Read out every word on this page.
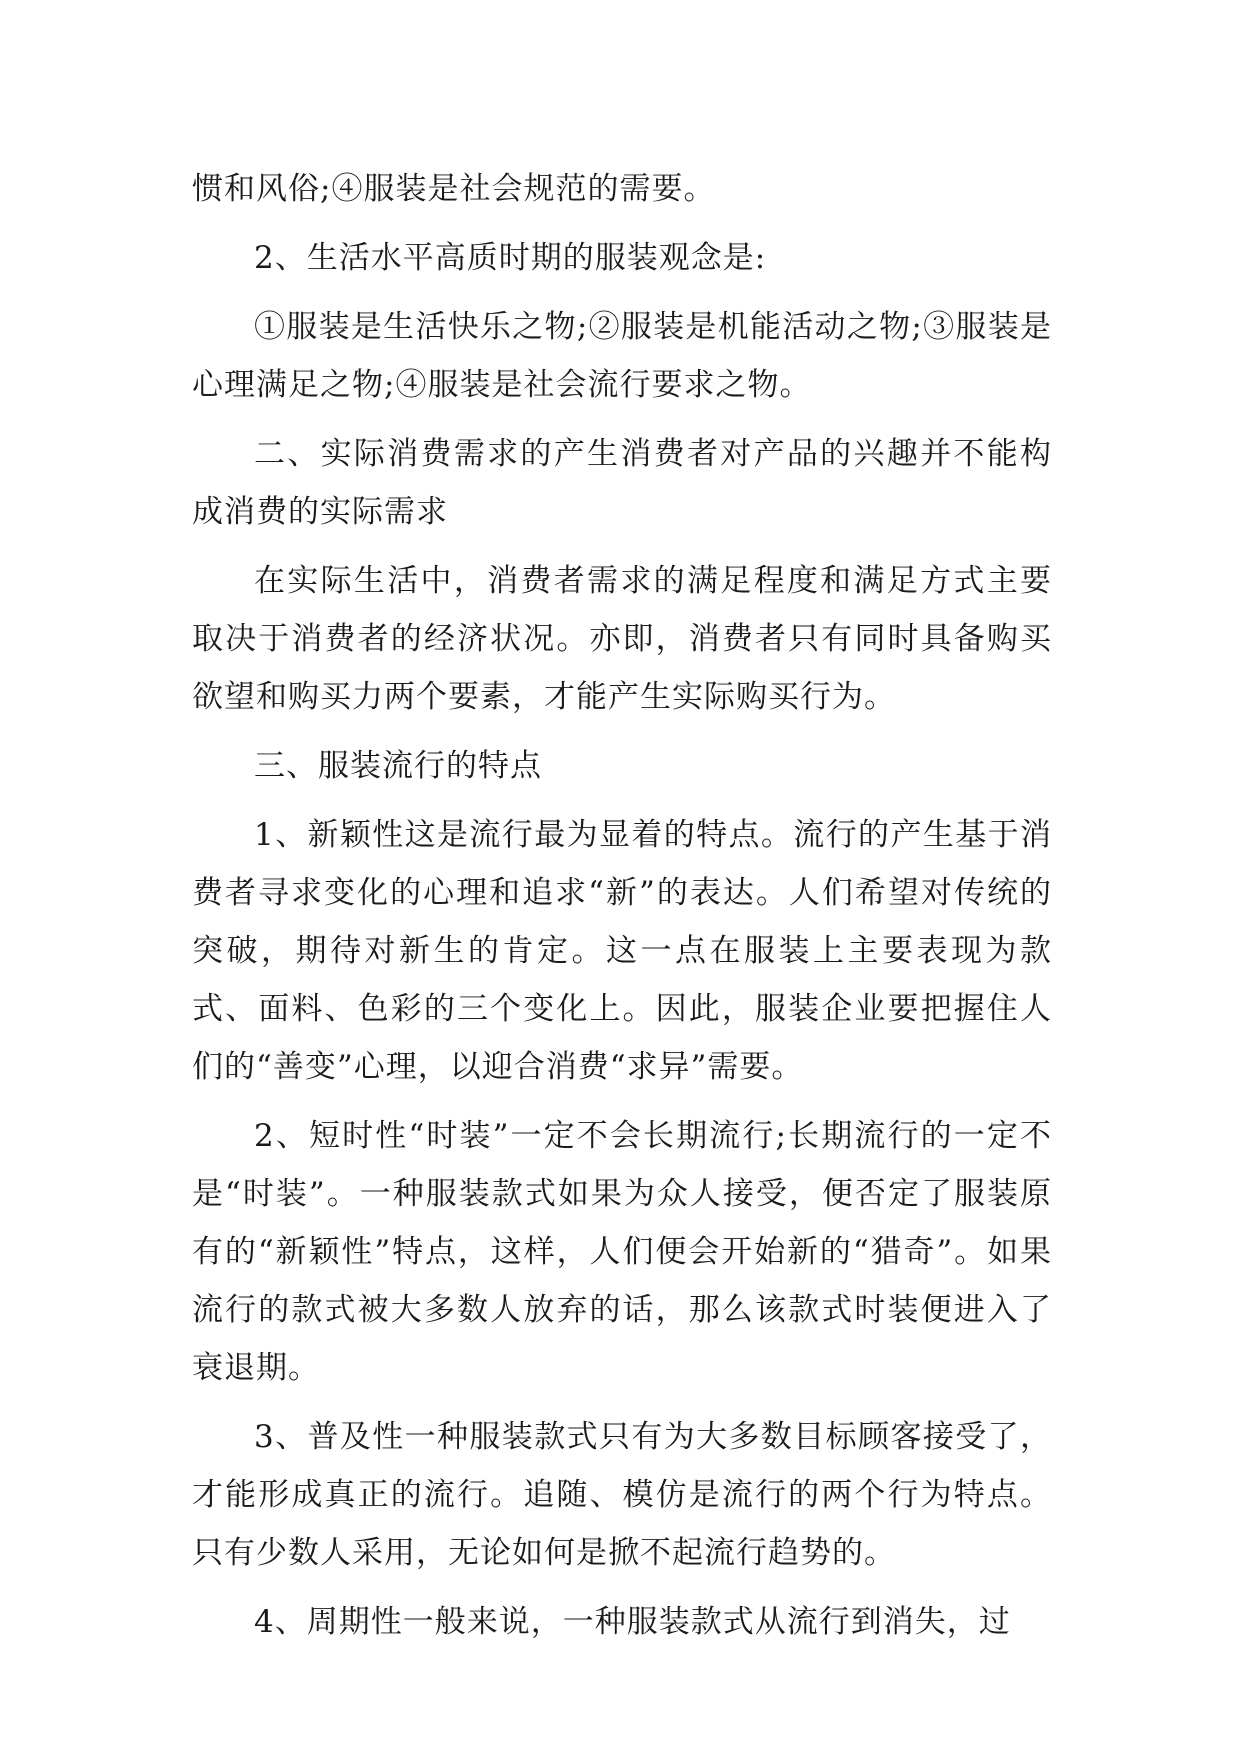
惯和风俗;④服装是社会规范的需要。

2、生活水平高质时期的服装观念是:

①服装是生活快乐之物;②服装是机能活动之物;③服装是心理满足之物;④服装是社会流行要求之物。

二、实际消费需求的产生消费者对产品的兴趣并不能构成消费的实际需求

在实际生活中，消费者需求的满足程度和满足方式主要取决于消费者的经济状况。亦即，消费者只有同时具备购买欲望和购买力两个要素，才能产生实际购买行为。

三、服装流行的特点

1、新颖性这是流行最为显着的特点。流行的产生基于消费者寻求变化的心理和追求“新”的表达。人们希望对传统的突破，期待对新生的肯定。这一点在服装上主要表现为款式、面料、色彩的三个变化上。因此，服装企业要把握住人们的“善变”心理，以迎合消费“求异”需要。

2、短时性“时装”一定不会长期流行;长期流行的一定不是“时装”。一种服装款式如果为众人接受，便否定了服装原有的“新颖性”特点，这样，人们便会开始新的“猎奇”。如果流行的款式被大多数人放弃的话，那么该款式时装便进入了衰退期。

3、普及性一种服装款式只有为大多数目标顾客接受了，才能形成真正的流行。追随、模仿是流行的两个行为特点。只有少数人采用，无论如何是掀不起流行趋势的。

4、周期性一般来说，一种服装款式从流行到消失，过
